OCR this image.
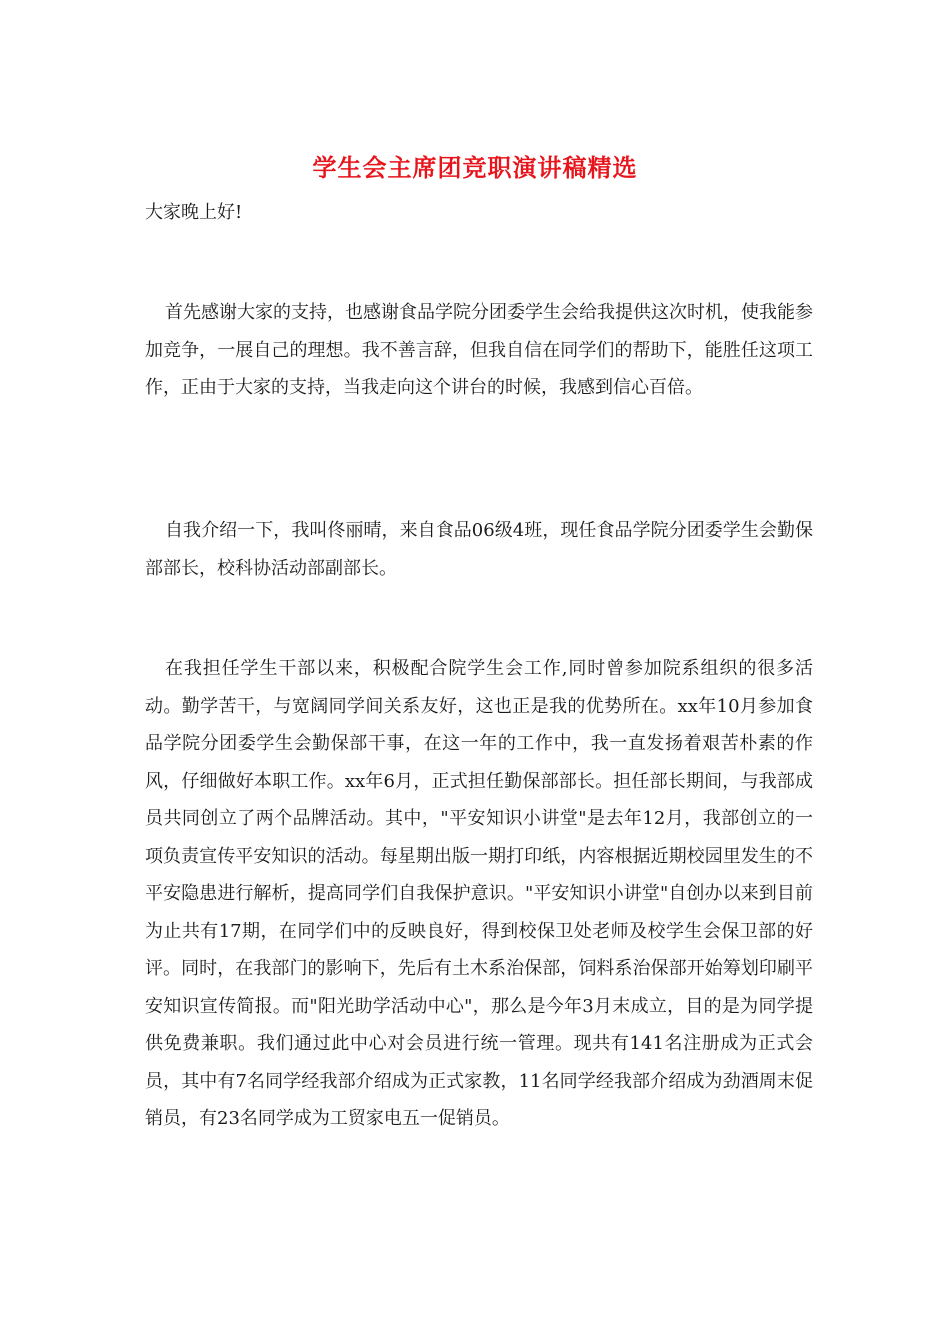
学生会主席团竞职演讲稿精选

大家晚上好!

首先感谢大家的支持，也感谢食品学院分团委学生会给我提供这次时机，使我能参加竞争，一展自己的理想。我不善言辞，但我自信在同学们的帮助下，能胜任这项工作，正由于大家的支持，当我走向这个讲台的时候，我感到信心百倍。

自我介绍一下，我叫佟丽晴，来自食品06级4班，现任食品学院分团委学生会勤保部部长，校科协活动部副部长。

在我担任学生干部以来，积极配合院学生会工作,同时曾参加院系组织的很多活动。勤学苦干，与宽阔同学间关系友好，这也正是我的优势所在。xx年10月参加食品学院分团委学生会勤保部干事，在这一年的工作中，我一直发扬着艰苦朴素的作风，仔细做好本职工作。xx年6月，正式担任勤保部部长。担任部长期间，与我部成员共同创立了两个品牌活动。其中，"平安知识小讲堂"是去年12月，我部创立的一项负责宣传平安知识的活动。每星期出版一期打印纸，内容根据近期校园里发生的不平安隐患进行解析，提高同学们自我保护意识。"平安知识小讲堂"自创办以来到目前为止共有17期，在同学们中的反映良好，得到校保卫处老师及校学生会保卫部的好评。同时，在我部门的影响下，先后有土木系治保部，饲料系治保部开始筹划印刷平安知识宣传简报。而"阳光助学活动中心"，那么是今年3月末成立，目的是为同学提供免费兼职。我们通过此中心对会员进行统一管理。现共有141名注册成为正式会员，其中有7名同学经我部介绍成为正式家教，11名同学经我部介绍成为劲酒周末促销员，有23名同学成为工贸家电五一促销员。
